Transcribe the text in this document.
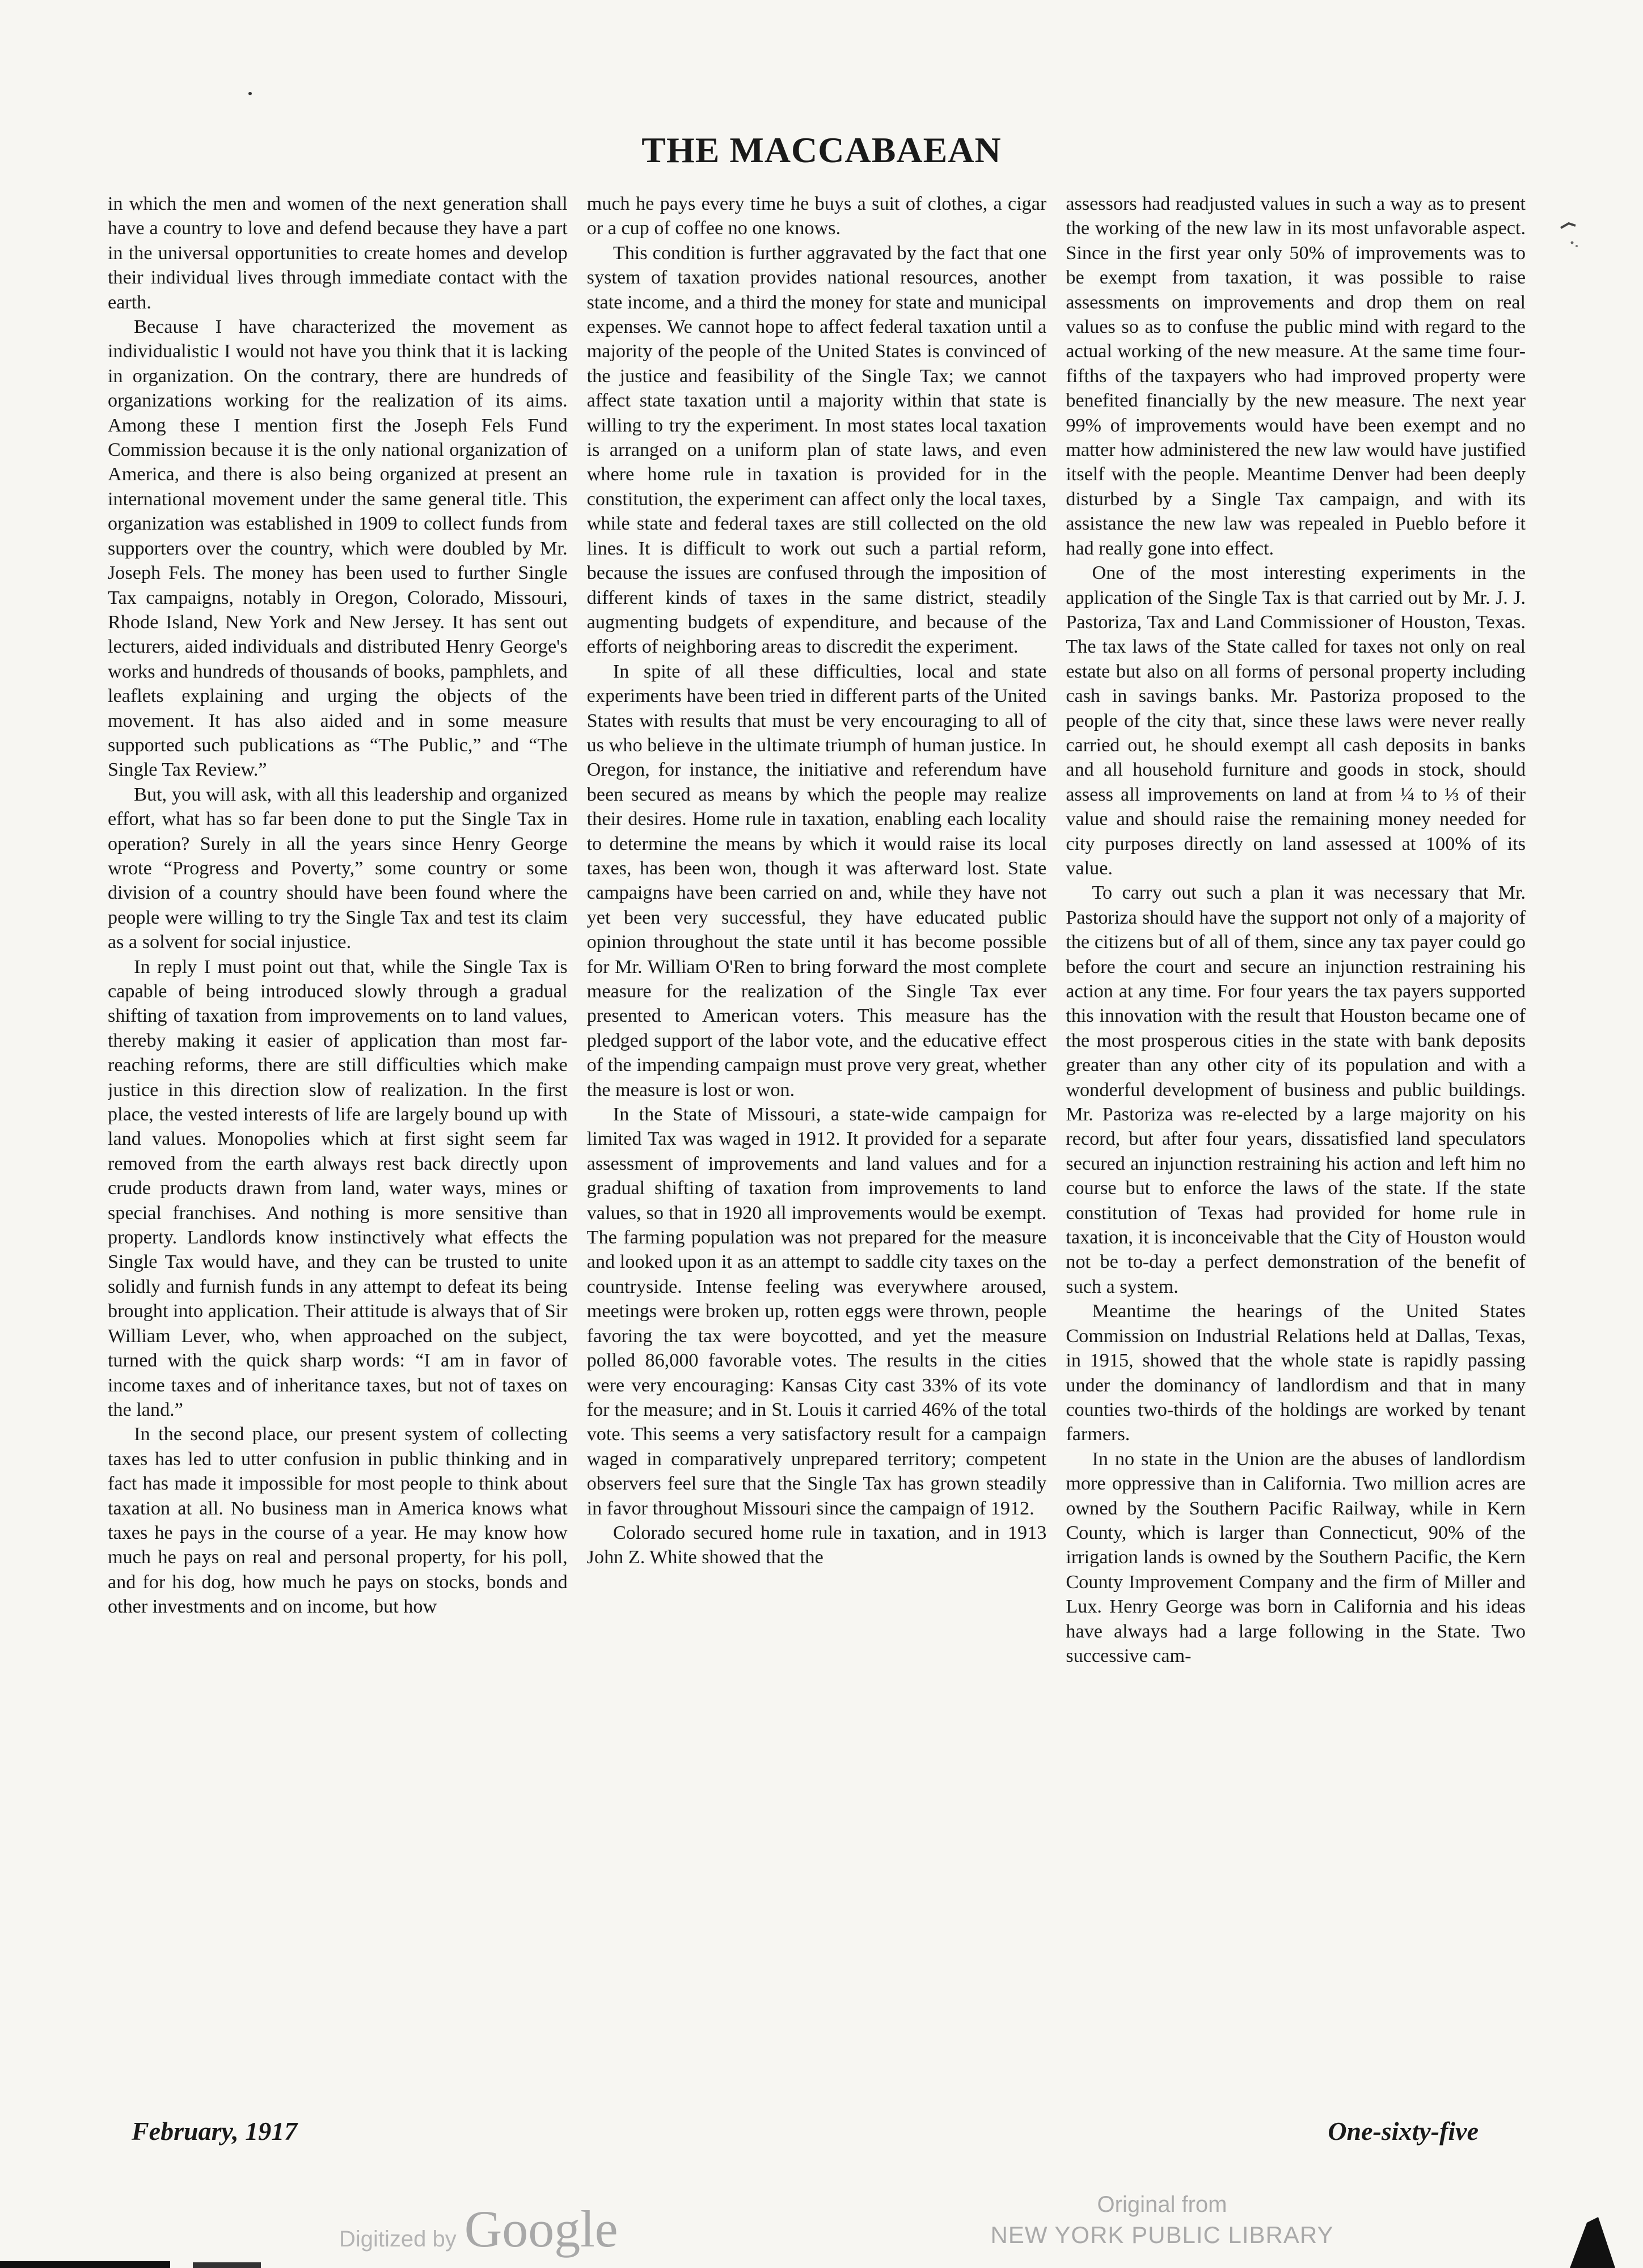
THE MACCABAEAN

in which the men and women of the next generation shall have a country to love and defend because they have a part in the universal opportunities to create homes and develop their individual lives through immediate contact with the earth.

Because I have characterized the movement as individualistic I would not have you think that it is lacking in organization. On the contrary, there are hundreds of organizations working for the realization of its aims. Among these I mention first the Joseph Fels Fund Commission because it is the only national organization of America, and there is also being organized at present an international movement under the same general title. This organization was established in 1909 to collect funds from supporters over the country, which were doubled by Mr. Joseph Fels. The money has been used to further Single Tax campaigns, notably in Oregon, Colorado, Missouri, Rhode Island, New York and New Jersey. It has sent out lecturers, aided individuals and distributed Henry George's works and hundreds of thousands of books, pamphlets, and leaflets explaining and urging the objects of the movement. It has also aided and in some measure supported such publications as “The Public,” and “The Single Tax Review.”

But, you will ask, with all this leadership and organized effort, what has so far been done to put the Single Tax in operation? Surely in all the years since Henry George wrote “Progress and Poverty,” some country or some division of a country should have been found where the people were willing to try the Single Tax and test its claim as a solvent for social injustice.

In reply I must point out that, while the Single Tax is capable of being introduced slowly through a gradual shifting of taxation from improvements on to land values, thereby making it easier of application than most far-reaching reforms, there are still difficulties which make justice in this direction slow of realization. In the first place, the vested interests of life are largely bound up with land values. Monopolies which at first sight seem far removed from the earth always rest back directly upon crude products drawn from land, water ways, mines or special franchises. And nothing is more sensitive than property. Landlords know instinctively what effects the Single Tax would have, and they can be trusted to unite solidly and furnish funds in any attempt to defeat its being brought into application. Their attitude is always that of Sir William Lever, who, when approached on the subject, turned with the quick sharp words: “I am in favor of income taxes and of inheritance taxes, but not of taxes on the land.”

In the second place, our present system of collecting taxes has led to utter confusion in public thinking and in fact has made it impossible for most people to think about taxation at all. No business man in America knows what taxes he pays in the course of a year. He may know how much he pays on real and personal property, for his poll, and for his dog, how much he pays on stocks, bonds and other investments and on income, but how

much he pays every time he buys a suit of clothes, a cigar or a cup of coffee no one knows.

This condition is further aggravated by the fact that one system of taxation provides national resources, another state income, and a third the money for state and municipal expenses. We cannot hope to affect federal taxation until a majority of the people of the United States is convinced of the justice and feasibility of the Single Tax; we cannot affect state taxation until a majority within that state is willing to try the experiment. In most states local taxation is arranged on a uniform plan of state laws, and even where home rule in taxation is provided for in the constitution, the experiment can affect only the local taxes, while state and federal taxes are still collected on the old lines. It is difficult to work out such a partial reform, because the issues are confused through the imposition of different kinds of taxes in the same district, steadily augmenting budgets of expenditure, and because of the efforts of neighboring areas to discredit the experiment.

In spite of all these difficulties, local and state experiments have been tried in different parts of the United States with results that must be very encouraging to all of us who believe in the ultimate triumph of human justice. In Oregon, for instance, the initiative and referendum have been secured as means by which the people may realize their desires. Home rule in taxation, enabling each locality to determine the means by which it would raise its local taxes, has been won, though it was afterward lost. State campaigns have been carried on and, while they have not yet been very successful, they have educated public opinion throughout the state until it has become possible for Mr. William O'Ren to bring forward the most complete measure for the realization of the Single Tax ever presented to American voters. This measure has the pledged support of the labor vote, and the educative effect of the impending campaign must prove very great, whether the measure is lost or won.

In the State of Missouri, a state-wide campaign for limited Tax was waged in 1912. It provided for a separate assessment of improvements and land values and for a gradual shifting of taxation from improvements to land values, so that in 1920 all improvements would be exempt. The farming population was not prepared for the measure and looked upon it as an attempt to saddle city taxes on the countryside. Intense feeling was everywhere aroused, meetings were broken up, rotten eggs were thrown, people favoring the tax were boycotted, and yet the measure polled 86,000 favorable votes. The results in the cities were very encouraging: Kansas City cast 33% of its vote for the measure; and in St. Louis it carried 46% of the total vote. This seems a very satisfactory result for a campaign waged in comparatively unprepared territory; competent observers feel sure that the Single Tax has grown steadily in favor throughout Missouri since the campaign of 1912.

Colorado secured home rule in taxation, and in 1913 John Z. White showed that the

assessors had readjusted values in such a way as to present the working of the new law in its most unfavorable aspect. Since in the first year only 50% of improvements was to be exempt from taxation, it was possible to raise assessments on improvements and drop them on real values so as to confuse the public mind with regard to the actual working of the new measure. At the same time four-fifths of the taxpayers who had improved property were benefited financially by the new measure. The next year 99% of improvements would have been exempt and no matter how administered the new law would have justified itself with the people. Meantime Denver had been deeply disturbed by a Single Tax campaign, and with its assistance the new law was repealed in Pueblo before it had really gone into effect.

One of the most interesting experiments in the application of the Single Tax is that carried out by Mr. J. J. Pastoriza, Tax and Land Commissioner of Houston, Texas. The tax laws of the State called for taxes not only on real estate but also on all forms of personal property including cash in savings banks. Mr. Pastoriza proposed to the people of the city that, since these laws were never really carried out, he should exempt all cash deposits in banks and all household furniture and goods in stock, should assess all improvements on land at from ¼ to ⅓ of their value and should raise the remaining money needed for city purposes directly on land assessed at 100% of its value.

To carry out such a plan it was necessary that Mr. Pastoriza should have the support not only of a majority of the citizens but of all of them, since any tax payer could go before the court and secure an injunction restraining his action at any time. For four years the tax payers supported this innovation with the result that Houston became one of the most prosperous cities in the state with bank deposits greater than any other city of its population and with a wonderful development of business and public buildings. Mr. Pastoriza was re-elected by a large majority on his record, but after four years, dissatisfied land speculators secured an injunction restraining his action and left him no course but to enforce the laws of the state. If the state constitution of Texas had provided for home rule in taxation, it is inconceivable that the City of Houston would not be to-day a perfect demonstration of the benefit of such a system.

Meantime the hearings of the United States Commission on Industrial Relations held at Dallas, Texas, in 1915, showed that the whole state is rapidly passing under the dominancy of landlordism and that in many counties two-thirds of the holdings are worked by tenant farmers.

In no state in the Union are the abuses of landlordism more oppressive than in California. Two million acres are owned by the Southern Pacific Railway, while in Kern County, which is larger than Connecticut, 90% of the irrigation lands is owned by the Southern Pacific, the Kern County Improvement Company and the firm of Miller and Lux. Henry George was born in California and his ideas have always had a large following in the State. Two successive cam-

February, 1917	One-sixty-five
Digitized by Google	Original from
NEW YORK PUBLIC LIBRARY
